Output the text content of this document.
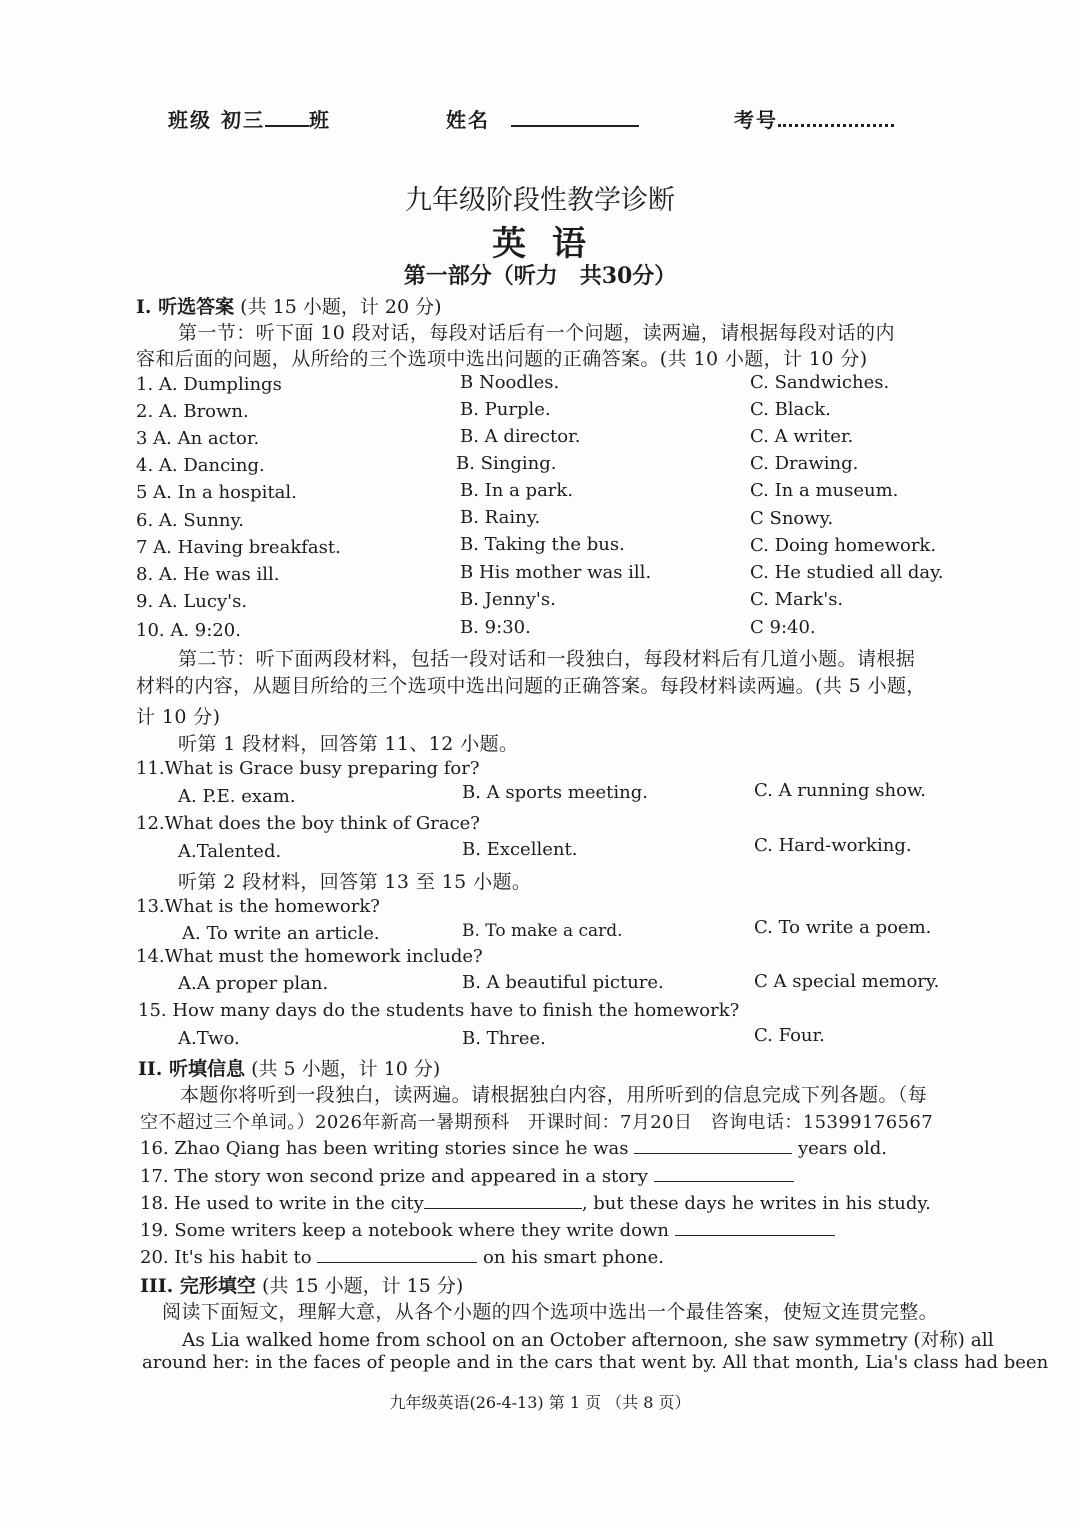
班级 初三 班	姓名	考号
九年级阶段性教学诊断
英语
第一部分（听力　共30分）
I. 听选答案 (共 15 小题，计 20 分)
第一节：听下面 10 段对话，每段对话后有一个问题，读两遍，请根据每段对话的内
容和后面的问题，从所给的三个选项中选出问题的正确答案。(共 10 小题，计 10 分)
1. A. Dumplings	B Noodles.	C. Sandwiches.
2. A. Brown.	B. Purple.	C. Black.
3 A. An actor.	B. A director.	C. A writer.
4. A. Dancing.	B. Singing.	C. Drawing.
5 A. In a hospital.	B. In a park.	C. In a museum.
6. A. Sunny.	B. Rainy.	C Snowy.
7 A. Having breakfast.	B. Taking the bus.	C. Doing homework.
8. A. He was ill.	B His mother was ill.	C. He studied all day.
9. A. Lucy's.	B. Jenny's.	C. Mark's.
10. A. 9:20.	B. 9:30.	C 9:40.
第二节：听下面两段材料，包括一段对话和一段独白，每段材料后有几道小题。请根据
材料的内容，从题目所给的三个选项中选出问题的正确答案。每段材料读两遍。(共 5 小题，
计 10 分)
听第 1 段材料，回答第 11、12 小题。
11.What is Grace busy preparing for?
A. P.E. exam.	B. A sports meeting.	C. A running show.
12.What does the boy think of Grace?
A.Talented.	B. Excellent.	C. Hard-working.
听第 2 段材料，回答第 13 至 15 小题。
13.What is the homework?
A. To write an article.	B. To make a card.	C. To write a poem.
14.What must the homework include?
A.A proper plan.	B. A beautiful picture.	C A special memory.
15. How many days do the students have to finish the homework?
A.Two.	B. Three.	C. Four.
II. 听填信息 (共 5 小题，计 10 分)
本题你将听到一段独白，读两遍。请根据独白内容，用所听到的信息完成下列各题。（每
空不超过三个单词。）2026年新高一暑期预科　开课时间：7月20日　咨询电话：15399176567
16. Zhao Qiang has been writing stories since he was	years old.
17. The story won second prize and appeared in a story
18. He used to write in the city	, but these days he writes in his study.
19. Some writers keep a notebook where they write down
20. It's his habit to	on his smart phone.
III. 完形填空 (共 15 小题，计 15 分)
阅读下面短文，理解大意，从各个小题的四个选项中选出一个最佳答案，使短文连贯完整。
As Lia walked home from school on an October afternoon, she saw symmetry (对称) all
around her: in the faces of people and in the cars that went by. All that month, Lia's class had been
九年级英语(26-4-13) 第 1 页 （共 8 页）
